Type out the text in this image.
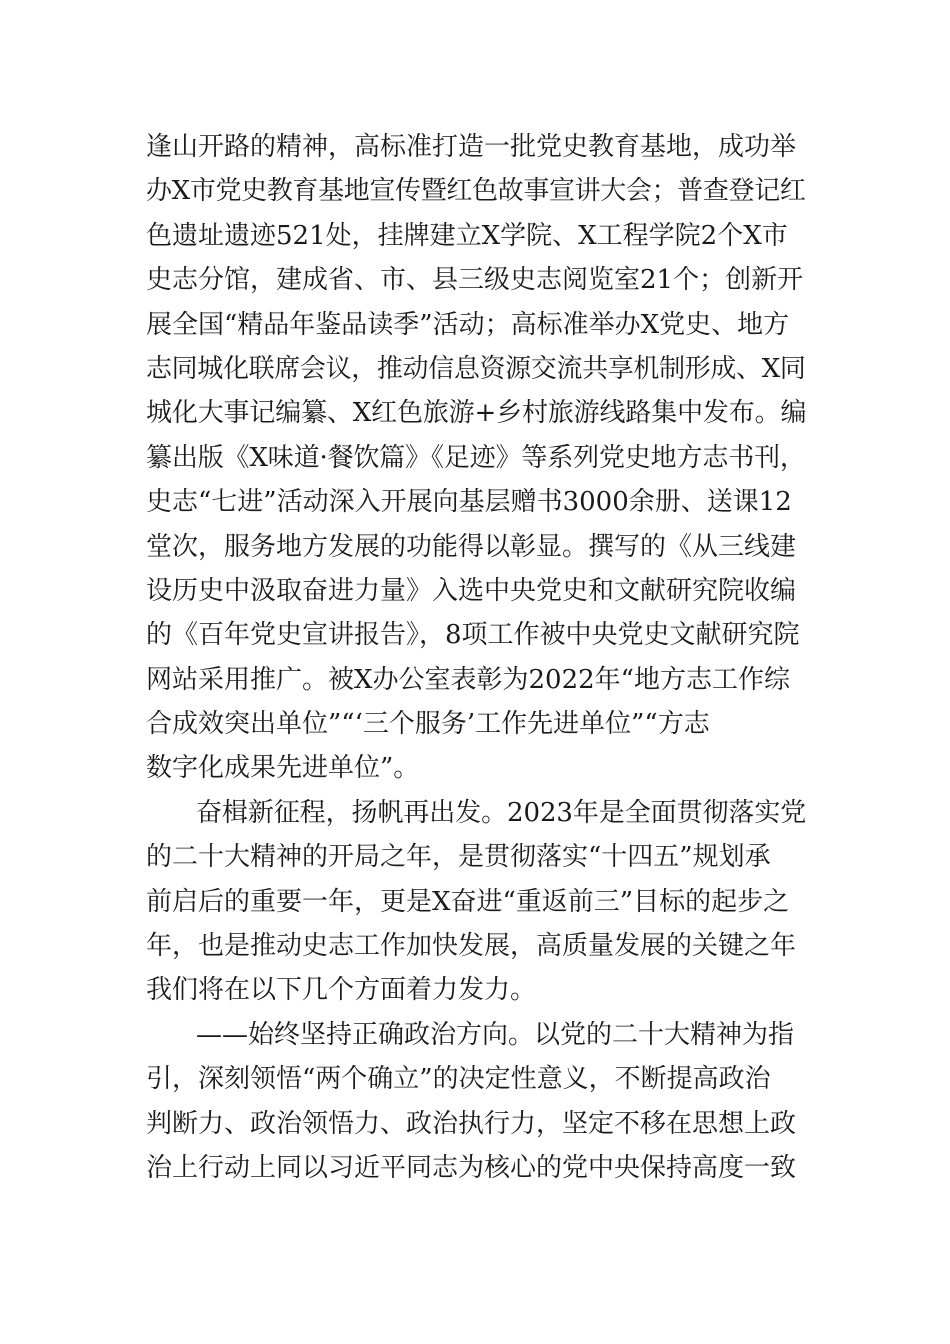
逢山开路的精神，高标准打造一批党史教育基地，成功举
办X市党史教育基地宣传暨红色故事宣讲大会；普查登记红
色遗址遗迹521处，挂牌建立X学院、X工程学院2个X市
史志分馆，建成省、市、县三级史志阅览室21个；创新开
展全国“精品年鉴品读季”活动；高标准举办X党史、地方
志同城化联席会议，推动信息资源交流共享机制形成、X同
城化大事记编纂、X红色旅游+乡村旅游线路集中发布。编
纂出版《X味道·餐饮篇》《足迹》等系列党史地方志书刊，
史志“七进”活动深入开展向基层赠书3000余册、送课12
堂次，服务地方发展的功能得以彰显。撰写的《从三线建
设历史中汲取奋进力量》入选中央党史和文献研究院收编
的《百年党史宣讲报告》，8项工作被中央党史文献研究院
网站采用推广。被X办公室表彰为2022年“地方志工作综
合成效突出单位”“‘三个服务’工作先进单位”“方志
数字化成果先进单位”。
奋楫新征程，扬帆再出发。2023年是全面贯彻落实党
的二十大精神的开局之年，是贯彻落实“十四五”规划承
前启后的重要一年，更是X奋进“重返前三”目标的起步之
年，也是推动史志工作加快发展，高质量发展的关键之年
我们将在以下几个方面着力发力。
——始终坚持正确政治方向。以党的二十大精神为指
引，深刻领悟“两个确立”的决定性意义，不断提高政治
判断力、政治领悟力、政治执行力，坚定不移在思想上政
治上行动上同以习近平同志为核心的党中央保持高度一致
